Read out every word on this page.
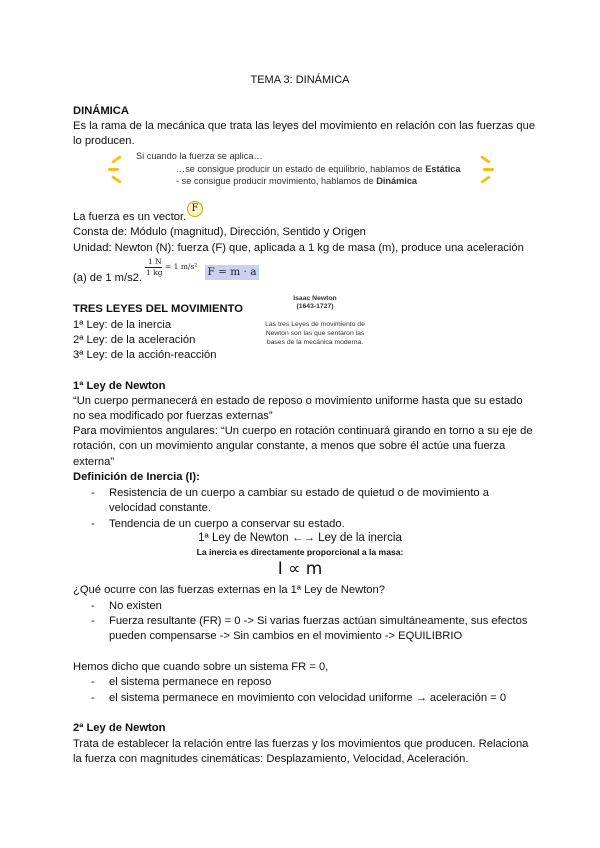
TEMA 3: DINÁMICA
DINÁMICA
Es la rama de la mecánica que trata las leyes del movimiento en relación con las fuerzas que
lo producen.
Si cuando la fuerza se aplica…
…se consigue producir un estado de equilibrio, hablamos de Estática
- se consigue producir movimiento, hablamos de Dinámica
La fuerza es un vector.
F
Consta de: Módulo (magnitud), Dirección, Sentido y Origen
Unidad: Newton (N): fuerza (F) que, aplicada a 1 kg de masa (m), produce una aceleración
1 N
1 kg
= 1 m/s²
(a) de 1 m/s2.	F = m · a
TRES LEYES DEL MOVIMIENTO
1ª Ley: de la inercia
2ª Ley: de la aceleración
3ª Ley: de la acción-reacción
Isaac Newton
(1643-1727)
Las tres Leyes de movimiento de Newton son las que sentaron las bases de la mecánica moderna.
1ª Ley de Newton
“Un cuerpo permanecerá en estado de reposo o movimiento uniforme hasta que su estado
no sea modificado por fuerzas externas”
Para movimientos angulares: “Un cuerpo en rotación continuará girando en torno a su eje de
rotación, con un movimiento angular constante, a menos que sobre él actúe una fuerza
externa”
Definición de Inercia (I):
- Resistencia de un cuerpo a cambiar su estado de quietud o de movimiento a
velocidad constante.
- Tendencia de un cuerpo a conservar su estado.
1ª Ley de Newton ←→ Ley de la inercia
La inercia es directamente proporcional a la masa:
I ∝ m
¿Qué ocurre con las fuerzas externas en la 1ª Ley de Newton?
- No existen
- Fuerza resultante (FR) = 0 -> Si varias fuerzas actúan simultáneamente, sus efectos
pueden compensarse -> Sin cambios en el movimiento -> EQUILIBRIO
Hemos dicho que cuando sobre un sistema FR = 0,
- el sistema permanece en reposo
- el sistema permanece en movimiento con velocidad uniforme → aceleración = 0
2ª Ley de Newton
Trata de establecer la relación entre las fuerzas y los movimientos que producen. Relaciona
la fuerza con magnitudes cinemáticas: Desplazamiento, Velocidad, Aceleración.
